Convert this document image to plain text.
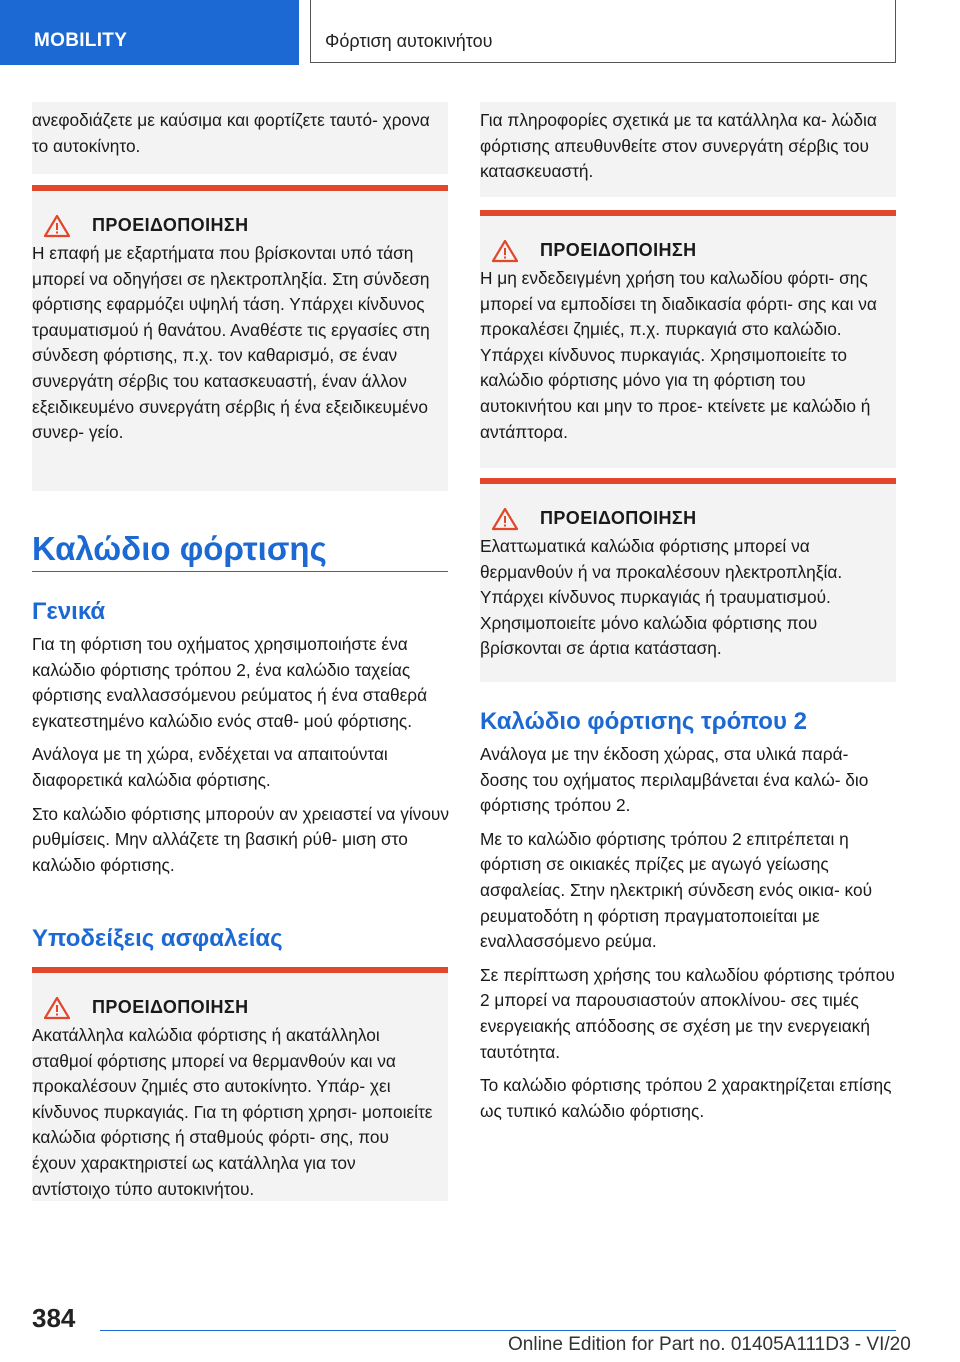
MOBILITY	Φόρτιση αυτοκινήτου
ανεφοδιάζετε με καύσιμα και φορτίζετε ταυτό- χρονα το αυτοκίνητο.
ΠΡΟΕΙΔΟΠΟΙΗΣΗ
Η επαφή με εξαρτήματα που βρίσκονται υπό τάση μπορεί να οδηγήσει σε ηλεκτροπληξία. Στη σύνδεση φόρτισης εφαρμόζει υψηλή τάση. Υπάρχει κίνδυνος τραυματισμού ή θανάτου. Αναθέστε τις εργασίες στη σύνδεση φόρτισης, π.χ. τον καθαρισμό, σε έναν συνεργάτη σέρβις του κατασκευαστή, έναν άλλον εξειδικευμένο συνεργάτη σέρβις ή ένα εξειδικευμένο συνερ- γείο.
Καλώδιο φόρτισης
Γενικά

Για τη φόρτιση του οχήματος χρησιμοποιήστε ένα καλώδιο φόρτισης τρόπου 2, ένα καλώδιο ταχείας φόρτισης εναλλασσόμενου ρεύματος ή ένα σταθερά εγκατεστημένο καλώδιο ενός σταθ- μού φόρτισης.

Ανάλογα με τη χώρα, ενδέχεται να απαιτούνται διαφορετικά καλώδια φόρτισης.

Στο καλώδιο φόρτισης μπορούν αν χρειαστεί να γίνουν ρυθμίσεις. Μην αλλάζετε τη βασική ρύθ- μιση στο καλώδιο φόρτισης.

Υποδείξεις ασφαλείας
ΠΡΟΕΙΔΟΠΟΙΗΣΗ
Ακατάλληλα καλώδια φόρτισης ή ακατάλληλοι σταθμοί φόρτισης μπορεί να θερμανθούν και να προκαλέσουν ζημιές στο αυτοκίνητο. Υπάρ- χει κίνδυνος πυρκαγιάς. Για τη φόρτιση χρησι- μοποιείτε καλώδια φόρτισης ή σταθμούς φόρτι- σης, που έχουν χαρακτηριστεί ως κατάλληλα για τον αντίστοιχο τύπο αυτοκινήτου.
Για πληροφορίες σχετικά με τα κατάλληλα κα- λώδια φόρτισης απευθυνθείτε στον συνεργάτη σέρβις του κατασκευαστή.
ΠΡΟΕΙΔΟΠΟΙΗΣΗ
Η μη ενδεδειγμένη χρήση του καλωδίου φόρτι- σης μπορεί να εμποδίσει τη διαδικασία φόρτι- σης και να προκαλέσει ζημιές, π.χ. πυρκαγιά στο καλώδιο. Υπάρχει κίνδυνος πυρκαγιάς. Χρησιμοποιείτε το καλώδιο φόρτισης μόνο για τη φόρτιση του αυτοκινήτου και μην το προε- κτείνετε με καλώδιο ή αντάπτορα.
ΠΡΟΕΙΔΟΠΟΙΗΣΗ
Ελαττωματικά καλώδια φόρτισης μπορεί να θερμανθούν ή να προκαλέσουν ηλεκτροπληξία. Υπάρχει κίνδυνος πυρκαγιάς ή τραυματισμού. Χρησιμοποιείτε μόνο καλώδια φόρτισης που βρίσκονται σε άρτια κατάσταση.
Καλώδιο φόρτισης τρόπου 2

Ανάλογα με την έκδοση χώρας, στα υλικά παρά- δοσης του οχήματος περιλαμβάνεται ένα καλώ- διο φόρτισης τρόπου 2.

Με το καλώδιο φόρτισης τρόπου 2 επιτρέπεται η φόρτιση σε οικιακές πρίζες με αγωγό γείωσης ασφαλείας. Στην ηλεκτρική σύνδεση ενός οικια- κού ρευματοδότη η φόρτιση πραγματοποιείται με εναλλασσόμενο ρεύμα.

Σε περίπτωση χρήσης του καλωδίου φόρτισης τρόπου 2 μπορεί να παρουσιαστούν αποκλίνου- σες τιμές ενεργειακής απόδοσης σε σχέση με την ενεργειακή ταυτότητα.

Το καλώδιο φόρτισης τρόπου 2 χαρακτηρίζεται επίσης ως τυπικό καλώδιο φόρτισης.

384
Online Edition for Part no. 01405A111D3 - VI/20
